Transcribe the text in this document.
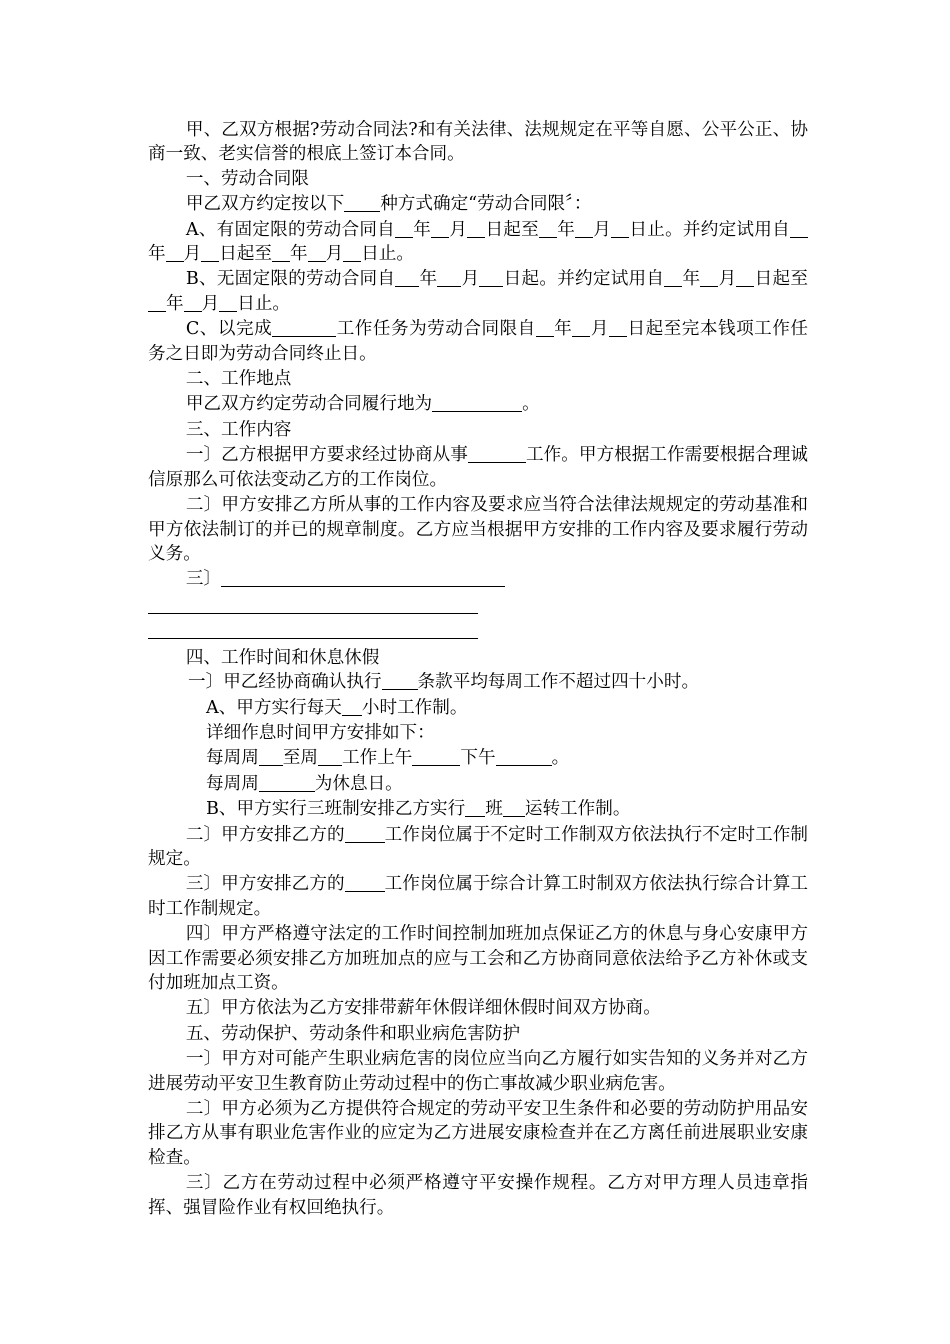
甲、乙双方根据?劳动合同法?和有关法律、法规规定在平等自愿、公平公正、协商一致、老实信誉的根底上签订本合同。

一、劳动合同限

甲乙双方约定按以下 种方式确定“劳动合同限〞：

A、有固定限的劳动合同自 年 月 日起至 年 月 日止。并约定试用自年 月 日起至 年 月 日止。

B、无固定限的劳动合同自 年 月 日起。并约定试用自 年 月 日起至年 月 日止。

C、以完成	工作任务为劳动合同限自 年 月 日起至完本钱项工作任务之日即为劳动合同终止日。

二、工作地点

甲乙双方约定劳动合同履行地为	。

三、工作内容

一〕乙方根据甲方要求经过协商从事	工作。甲方根据工作需要根据合理诚信原那么可依法变动乙方的工作岗位。

二〕甲方安排乙方所从事的工作内容及要求应当符合法律法规规定的劳动基准和甲方依法制订的并已的规章制度。乙方应当根据甲方安排的工作内容及要求履行劳动义务。

三〕

四、工作时间和休息休假

一〕甲乙经协商确认执行 条款平均每周工作不超过四十小时。

A、甲方实行每天 小时工作制。

详细作息时间甲方安排如下：

每周周 至周 工作上午	下午	。

每周周	为休息日。

B、甲方实行三班制安排乙方实行 班 运转工作制。

二〕甲方安排乙方的 工作岗位属于不定时工作制双方依法执行不定时工作制规定。

三〕甲方安排乙方的 工作岗位属于综合计算工时制双方依法执行综合计算工时工作制规定。

四〕甲方严格遵守法定的工作时间控制加班加点保证乙方的休息与身心安康甲方因工作需要必须安排乙方加班加点的应与工会和乙方协商同意依法给予乙方补休或支付加班加点工资。

五〕甲方依法为乙方安排带薪年休假详细休假时间双方协商。

五、劳动保护、劳动条件和职业病危害防护

一〕甲方对可能产生职业病危害的岗位应当向乙方履行如实告知的义务并对乙方进展劳动平安卫生教育防止劳动过程中的伤亡事故减少职业病危害。

二〕甲方必须为乙方提供符合规定的劳动平安卫生条件和必要的劳动防护用品安排乙方从事有职业危害作业的应定为乙方进展安康检查并在乙方离任前进展职业安康检查。

三〕乙方在劳动过程中必须严格遵守平安操作规程。乙方对甲方理人员违章指挥、强冒险作业有权回绝执行。
